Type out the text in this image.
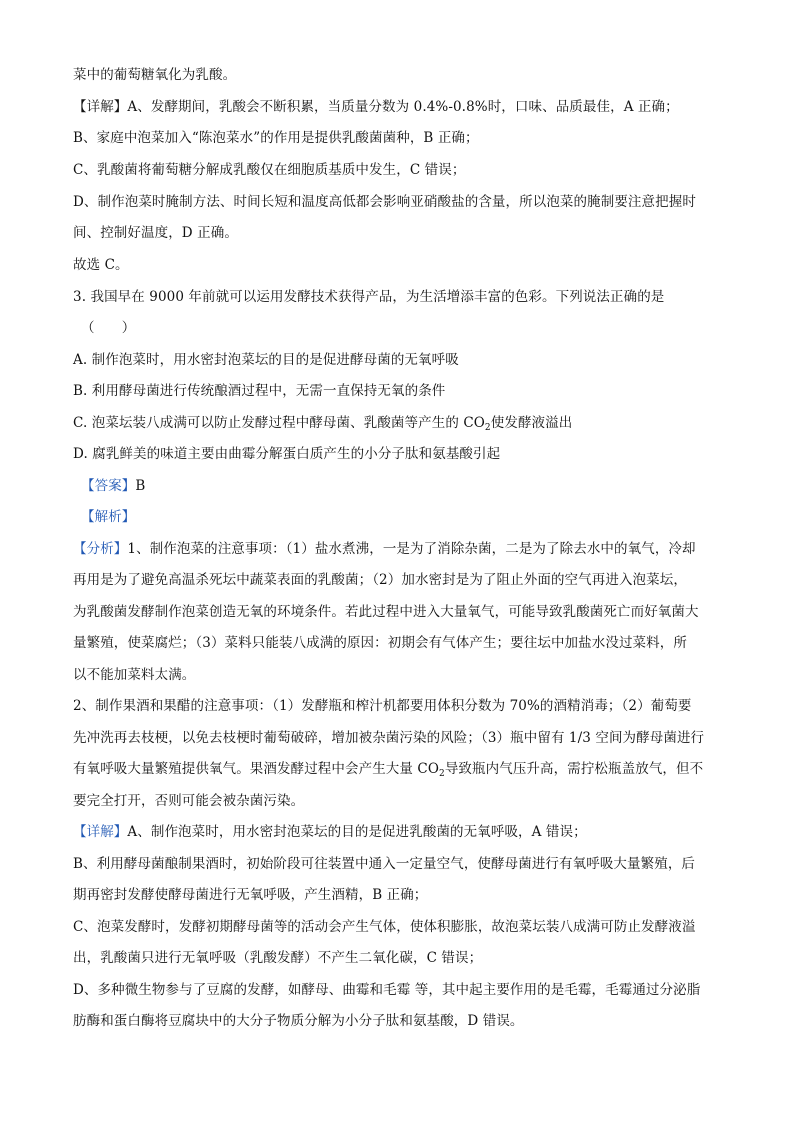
菜中的葡萄糖氧化为乳酸。
【详解】A、发酵期间，乳酸会不断积累，当质量分数为 0.4%-0.8%时，口味、品质最佳，A 正确；
B、家庭中泡菜加入“陈泡菜水”的作用是提供乳酸菌菌种，B 正确；
C、乳酸菌将葡萄糖分解成乳酸仅在细胞质基质中发生，C 错误；
D、制作泡菜时腌制方法、时间长短和温度高低都会影响亚硝酸盐的含量，所以泡菜的腌制要注意把握时
间、控制好温度，D 正确。
故选 C。
3. 我国早在 9000 年前就可以运用发酵技术获得产品，为生活增添丰富的色彩。下列说法正确的是
（　　）
A. 制作泡菜时，用水密封泡菜坛的目的是促进酵母菌的无氧呼吸
B. 利用酵母菌进行传统酿酒过程中，无需一直保持无氧的条件
C. 泡菜坛装八成满可以防止发酵过程中酵母菌、乳酸菌等产生的 $CO_2$使发酵液溢出
D. 腐乳鲜美的味道主要由曲霉分解蛋白质产生的小分子肽和氨基酸引起
【答案】B
【解析】
【分析】1、制作泡菜的注意事项：（1）盐水煮沸，一是为了消除杂菌，二是为了除去水中的氧气，冷却
再用是为了避免高温杀死坛中蔬菜表面的乳酸菌；（2）加水密封是为了阻止外面的空气再进入泡菜坛，
为乳酸菌发酵制作泡菜创造无氧的环境条件。若此过程中进入大量氧气，可能导致乳酸菌死亡而好氧菌大
量繁殖，使菜腐烂；（3）菜料只能装八成满的原因：初期会有气体产生；要往坛中加盐水没过菜料，所
以不能加菜料太满。
2、制作果酒和果醋的注意事项：（1）发酵瓶和榨汁机都要用体积分数为 70%的酒精消毒；（2）葡萄要
先冲洗再去枝梗，以免去枝梗时葡萄破碎，增加被杂菌污染的风险；（3）瓶中留有 1/3 空间为酵母菌进行
有氧呼吸大量繁殖提供氧气。果酒发酵过程中会产生大量 $CO_2$导致瓶内气压升高，需拧松瓶盖放气，但不
要完全打开，否则可能会被杂菌污染。
【详解】A、制作泡菜时，用水密封泡菜坛的目的是促进乳酸菌的无氧呼吸，A 错误；
B、利用酵母菌酿制果酒时，初始阶段可往装置中通入一定量空气，使酵母菌进行有氧呼吸大量繁殖，后
期再密封发酵使酵母菌进行无氧呼吸，产生酒精，B 正确；
C、泡菜发酵时，发酵初期酵母菌等的活动会产生气体，使体积膨胀，故泡菜坛装八成满可防止发酵液溢
出，乳酸菌只进行无氧呼吸（乳酸发酵）不产生二氧化碳，C 错误；
D、多种微生物参与了豆腐的发酵，如酵母、曲霉和毛霉 等，其中起主要作用的是毛霉，毛霉通过分泌脂
肪酶和蛋白酶将豆腐块中的大分子物质分解为小分子肽和氨基酸，D 错误。
